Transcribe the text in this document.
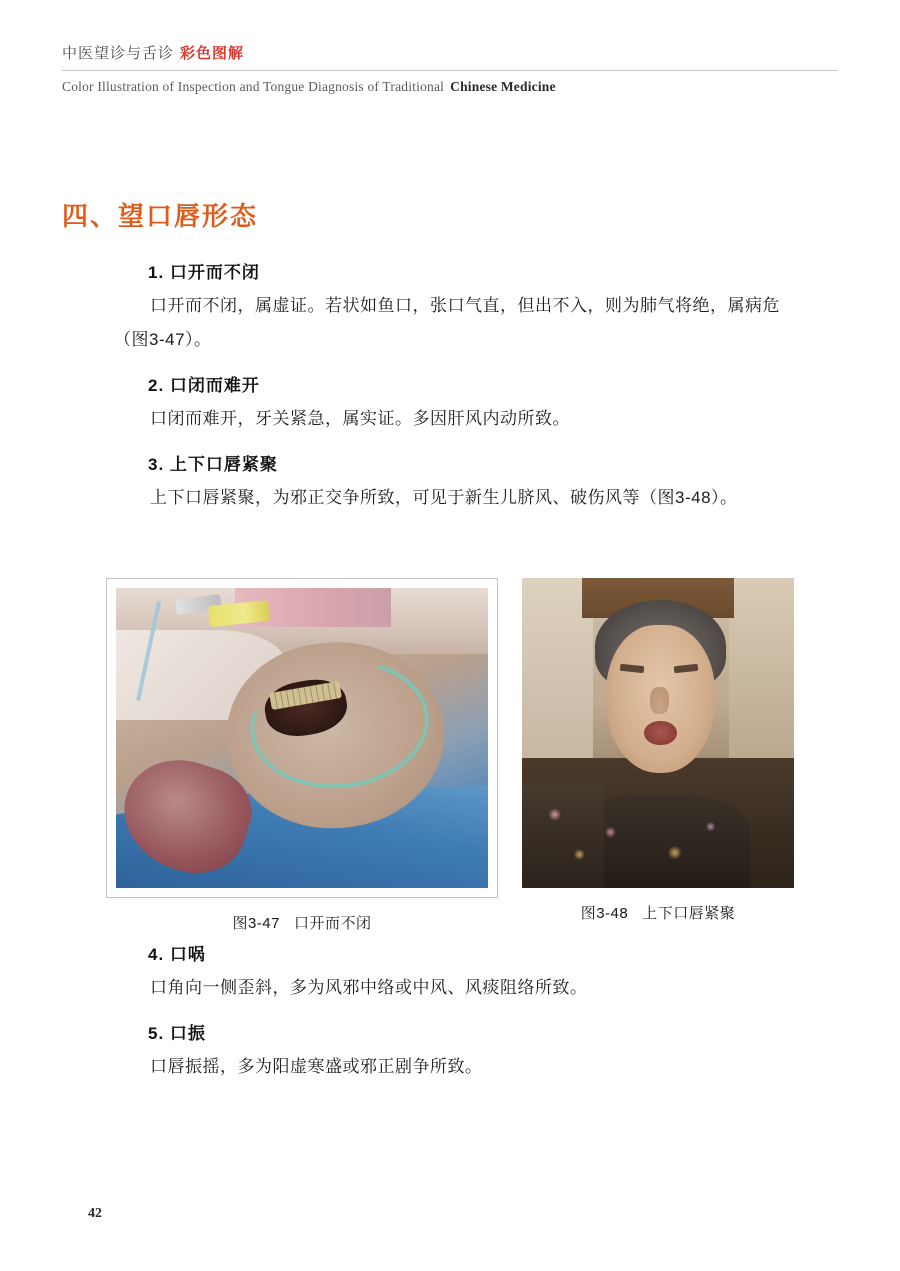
中医望诊与舌诊 彩色图解
Color Illustration of Inspection and Tongue Diagnosis of Traditional Chinese Medicine
四、望口唇形态
1. 口开而不闭

口开而不闭，属虚证。若状如鱼口，张口气直，但出不入，则为肺气将绝，属病危（图3-47）。

2. 口闭而难开

口闭而难开，牙关紧急，属实证。多因肝风内动所致。

3. 上下口唇紧聚

上下口唇紧聚，为邪正交争所致，可见于新生儿脐风、破伤风等（图3-48）。

图3-47 口开而不闭
图3-48 上下口唇紧聚
4. 口㖞

口角向一侧歪斜，多为风邪中络或中风、风痰阻络所致。

5. 口振

口唇振摇，多为阳虚寒盛或邪正剧争所致。

42
